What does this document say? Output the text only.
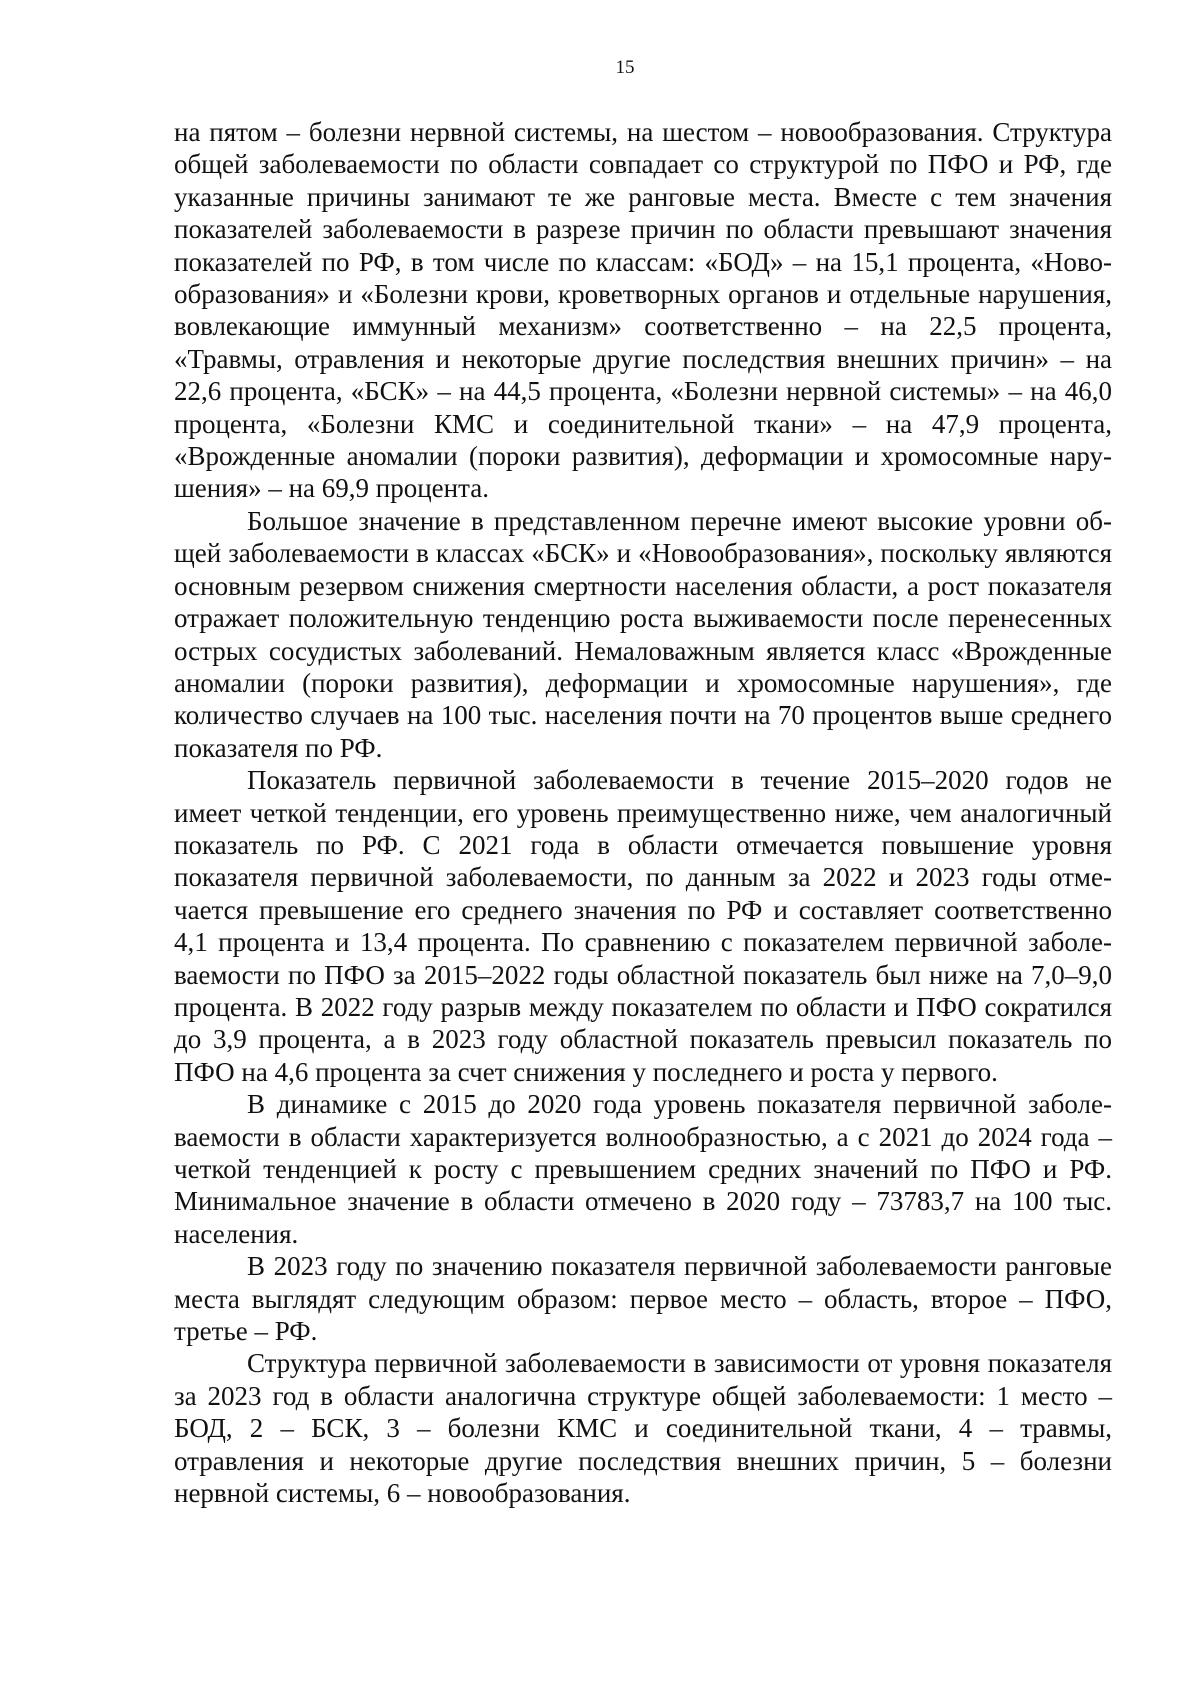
15

на пятом – болезни нервной системы, на шестом – новообразования. Структура общей заболеваемости по области совпадает со структурой по ПФО и РФ, где указанные причины занимают те же ранговые места. Вместе с тем значения показателей заболеваемости в разрезе причин по области превышают значения показателей по РФ, в том числе по классам: «БОД» – на 15,1 процента, «Новообразования» и «Болезни крови, кроветворных органов и отдельные нарушения, вовлекающие иммунный механизм» соответственно – на 22,5 процента, «Травмы, отравления и некоторые другие последствия внешних причин» – на 22,6 процента, «БСК» – на 44,5 процента, «Болезни нервной системы» – на 46,0 процента, «Болезни КМС и соединительной ткани» – на 47,9 процента, «Врожденные аномалии (пороки развития), деформации и хромосомные нарушения» – на 69,9 процента.

Большое значение в представленном перечне имеют высокие уровни общей заболеваемости в классах «БСК» и «Новообразования», поскольку являются основным резервом снижения смертности населения области, а рост показателя отражает положительную тенденцию роста выживаемости после перенесенных острых сосудистых заболеваний. Немаловажным является класс «Врожденные аномалии (пороки развития), деформации и хромосомные нарушения», где количество случаев на 100 тыс. населения почти на 70 процентов выше среднего показателя по РФ.

Показатель первичной заболеваемости в течение 2015–2020 годов не имеет четкой тенденции, его уровень преимущественно ниже, чем аналогичный показатель по РФ. С 2021 года в области отмечается повышение уровня показателя первичной заболеваемости, по данным за 2022 и 2023 годы отмечается превышение его среднего значения по РФ и составляет соответственно 4,1 процента и 13,4 процента. По сравнению с показателем первичной заболеваемости по ПФО за 2015–2022 годы областной показатель был ниже на 7,0–9,0 процента. В 2022 году разрыв между показателем по области и ПФО сократился до 3,9 процента, а в 2023 году областной показатель превысил показатель по ПФО на 4,6 процента за счет снижения у последнего и роста у первого.

В динамике с 2015 до 2020 года уровень показателя первичной заболеваемости в области характеризуется волнообразностью, а с 2021 до 2024 года – четкой тенденцией к росту с превышением средних значений по ПФО и РФ. Минимальное значение в области отмечено в 2020 году – 73783,7 на 100 тыс. населения.

В 2023 году по значению показателя первичной заболеваемости ранговые места выглядят следующим образом: первое место – область, второе – ПФО, третье – РФ.

Структура первичной заболеваемости в зависимости от уровня показателя за 2023 год в области аналогична структуре общей заболеваемости: 1 место – БОД, 2 – БСК, 3 – болезни КМС и соединительной ткани, 4 – травмы, отравления и некоторые другие последствия внешних причин, 5 – болезни нервной системы, 6 – новообразования.
